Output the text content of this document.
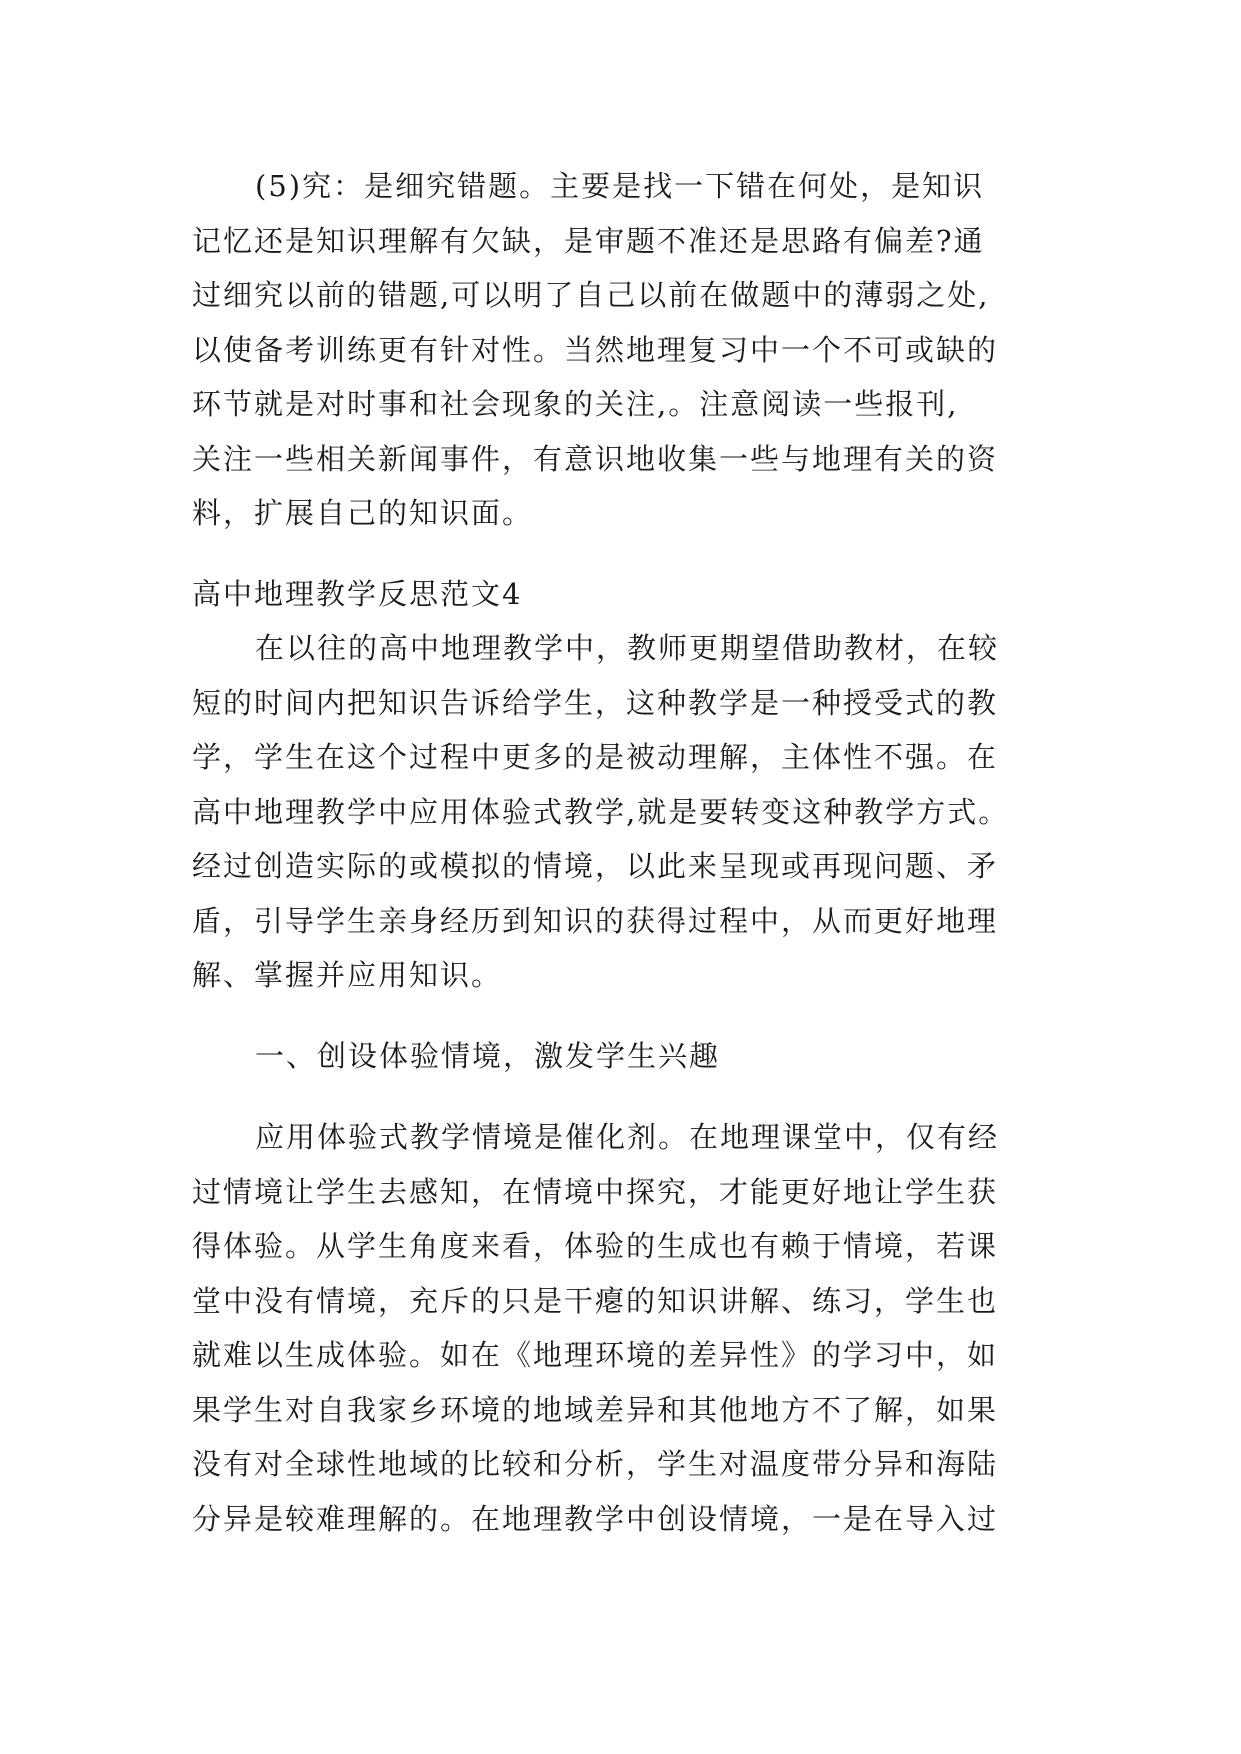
(5)究：是细究错题。主要是找一下错在何处，是知识
记忆还是知识理解有欠缺，是审题不准还是思路有偏差?通
过细究以前的错题,可以明了自己以前在做题中的薄弱之处,
以使备考训练更有针对性。当然地理复习中一个不可或缺的
环节就是对时事和社会现象的关注,。注意阅读一些报刊,
关注一些相关新闻事件，有意识地收集一些与地理有关的资
料，扩展自己的知识面。
高中地理教学反思范文4
在以往的高中地理教学中，教师更期望借助教材，在较
短的时间内把知识告诉给学生，这种教学是一种授受式的教
学，学生在这个过程中更多的是被动理解，主体性不强。在
高中地理教学中应用体验式教学,就是要转变这种教学方式。
经过创造实际的或模拟的情境，以此来呈现或再现问题、矛
盾，引导学生亲身经历到知识的获得过程中，从而更好地理
解、掌握并应用知识。
一、创设体验情境，激发学生兴趣
应用体验式教学情境是催化剂。在地理课堂中，仅有经
过情境让学生去感知，在情境中探究，才能更好地让学生获
得体验。从学生角度来看，体验的生成也有赖于情境，若课
堂中没有情境，充斥的只是干瘪的知识讲解、练习，学生也
就难以生成体验。如在《地理环境的差异性》的学习中，如
果学生对自我家乡环境的地域差异和其他地方不了解，如果
没有对全球性地域的比较和分析，学生对温度带分异和海陆
分异是较难理解的。在地理教学中创设情境，一是在导入过
